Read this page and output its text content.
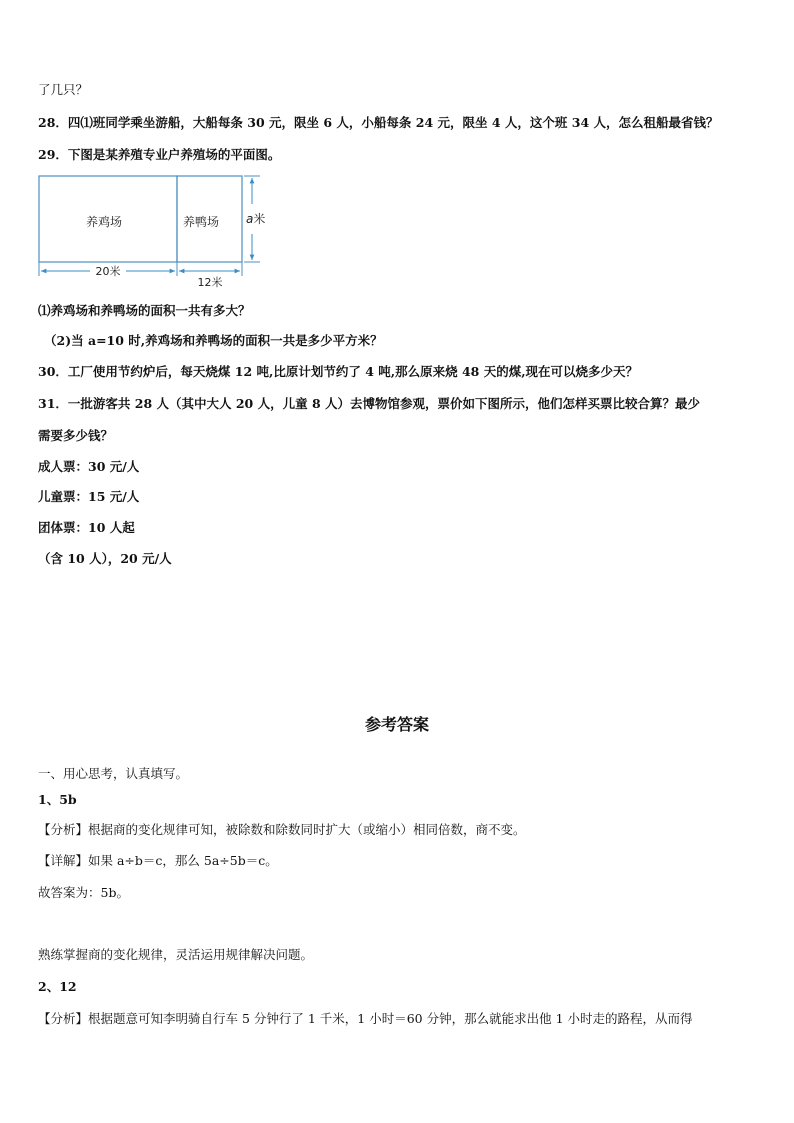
了几只？
28．四⑴班同学乘坐游船，大船每条 30 元，限坐 6 人，小船每条 24 元，限坐 4 人，这个班 34 人，怎么租船最省钱？
29．下图是某养殖专业户养殖场的平面图。
养鸡场	养鸭场 a米
20米
12米
⑴养鸡场和养鸭场的面积一共有多大？
（2)当 a=10 时,养鸡场和养鸭场的面积一共是多少平方米？
30．工厂使用节约炉后，每天烧煤 12 吨,比原计划节约了 4 吨,那么原来烧 48 天的煤,现在可以烧多少天？
31．一批游客共 28 人（其中大人 20 人，儿童 8 人）去博物馆参观，票价如下图所示，他们怎样买票比较合算？最少
需要多少钱？
成人票：30 元/人
儿童票：15 元/人
团体票：10 人起
（含 10 人），20 元/人
参考答案
一、用心思考，认真填写。
1、5b
【分析】根据商的变化规律可知，被除数和除数同时扩大（或缩小）相同倍数，商不变。
【详解】如果 a÷b＝c，那么 5a÷5b＝c。
故答案为：5b。
熟练掌握商的变化规律，灵活运用规律解决问题。
2、12
【分析】根据题意可知李明骑自行车 5 分钟行了 1 千米，1 小时＝60 分钟，那么就能求出他 1 小时走的路程，从而得
